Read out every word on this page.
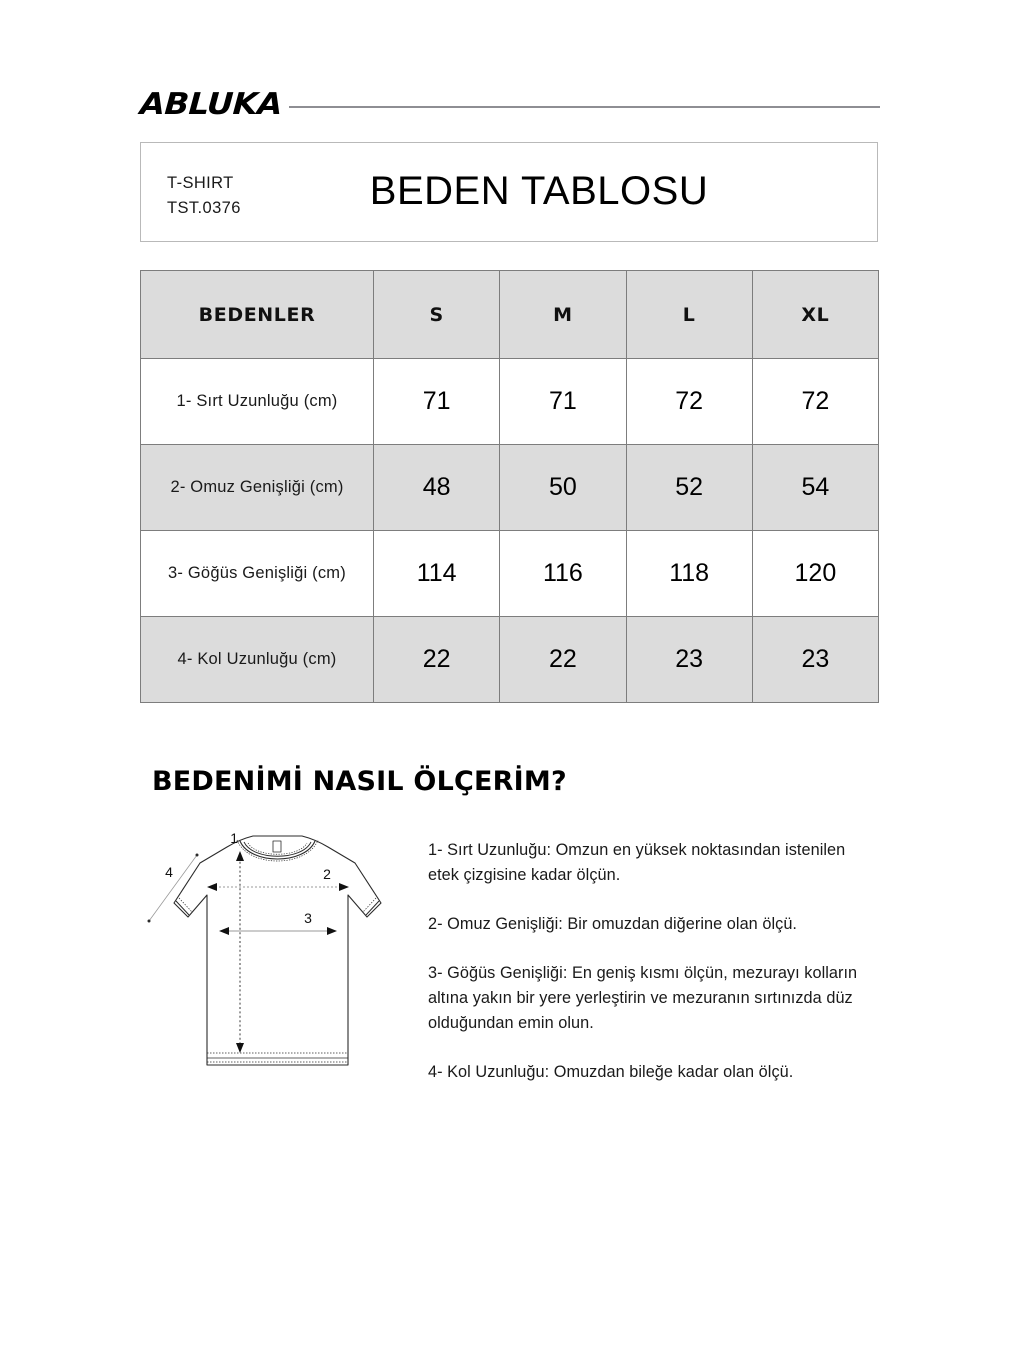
ABLUKA
T-SHIRT
TST.0376	BEDEN TABLOSU
BEDENLER	S	M	L	XL
1- Sırt Uzunluğu (cm)	71	71	72	72
2- Omuz Genişliği (cm)	48	50	52	54
3- Göğüs Genişliği (cm)	114	116	118	120
4- Kol Uzunluğu (cm)	22	22	23	23
BEDENİMİ NASIL ÖLÇERİM?
1
2
3
4

1- Sırt Uzunluğu: Omzun en yüksek noktasından istenilen etek çizgisine kadar ölçün.

2- Omuz Genişliği: Bir omuzdan diğerine olan ölçü.

3- Göğüs Genişliği: En geniş kısmı ölçün, mezurayı kolların altına yakın bir yere yerleştirin ve mezuranın sırtınızda düz olduğundan emin olun.

4- Kol Uzunluğu: Omuzdan bileğe kadar olan ölçü.
